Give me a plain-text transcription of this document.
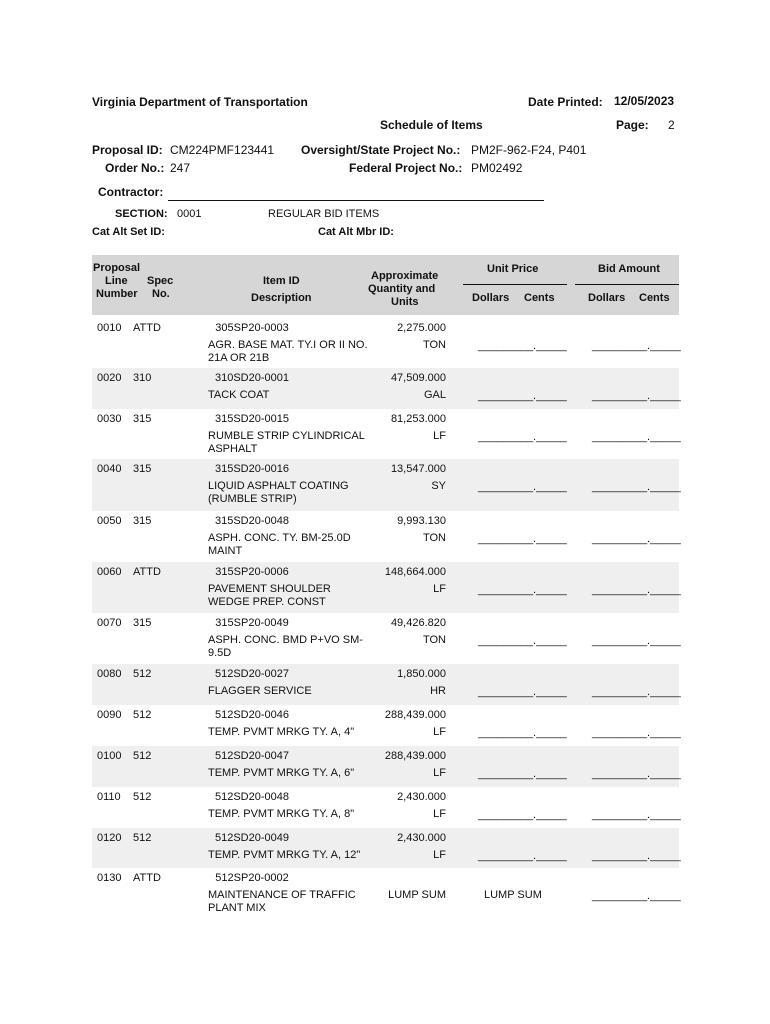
Virginia Department of Transportation	Date Printed: 12/05/2023
Schedule of Items	Page: 2
Proposal ID: CM224PMF123441
Order No.: 247
Oversight/State Project No.: PM2F-962-F24, P401
Federal Project No.: PM02492
Contractor:
SECTION: 0001	REGULAR BID ITEMS
Cat Alt Set ID:	Cat Alt Mbr ID:
Proposal
Line
Number
Spec
No.
Item ID
Description
Approximate
Quantity and
Units
Unit Price	Bid Amount
Dollars Cents	Dollars Cents
0010 ATTD	305SP20-0003
AGR. BASE MAT. TY.I OR II NO. 21A OR 21B
2,275.000
TON	_________._____ _________._____
0020 310	310SD20-0001
TACK COAT
47,509.000
GAL	_________._____ _________._____
0030 315	315SD20-0015
RUMBLE STRIP CYLINDRICAL ASPHALT
81,253.000
LF	_________._____ _________._____
0040 315	315SD20-0016
LIQUID ASPHALT COATING (RUMBLE STRIP)
13,547.000
SY	_________._____ _________._____
0050 315	315SD20-0048
ASPH. CONC. TY. BM-25.0D MAINT
9,993.130
TON	_________._____ _________._____
0060 ATTD	315SP20-0006
PAVEMENT SHOULDER WEDGE PREP. CONST
148,664.000
LF	_________._____ _________._____
0070 315	315SP20-0049
ASPH. CONC. BMD P+VO SM-9.5D
49,426.820
TON	_________._____ _________._____
0080 512	512SD20-0027
FLAGGER SERVICE
1,850.000
HR	_________._____ _________._____
0090 512	512SD20-0046
TEMP. PVMT MRKG TY. A, 4"
288,439.000
LF	_________._____ _________._____
0100 512	512SD20-0047
TEMP. PVMT MRKG TY. A, 6"
288,439.000
LF	_________._____ _________._____
0110 512	512SD20-0048
TEMP. PVMT MRKG TY. A, 8"
2,430.000
LF	_________._____ _________._____
0120 512	512SD20-0049
TEMP. PVMT MRKG TY. A, 12"
2,430.000
LF	_________._____ _________._____
0130 ATTD	512SP20-0002
MAINTENANCE OF TRAFFIC PLANT MIX
LUMP SUM	LUMP SUM	_________._____
